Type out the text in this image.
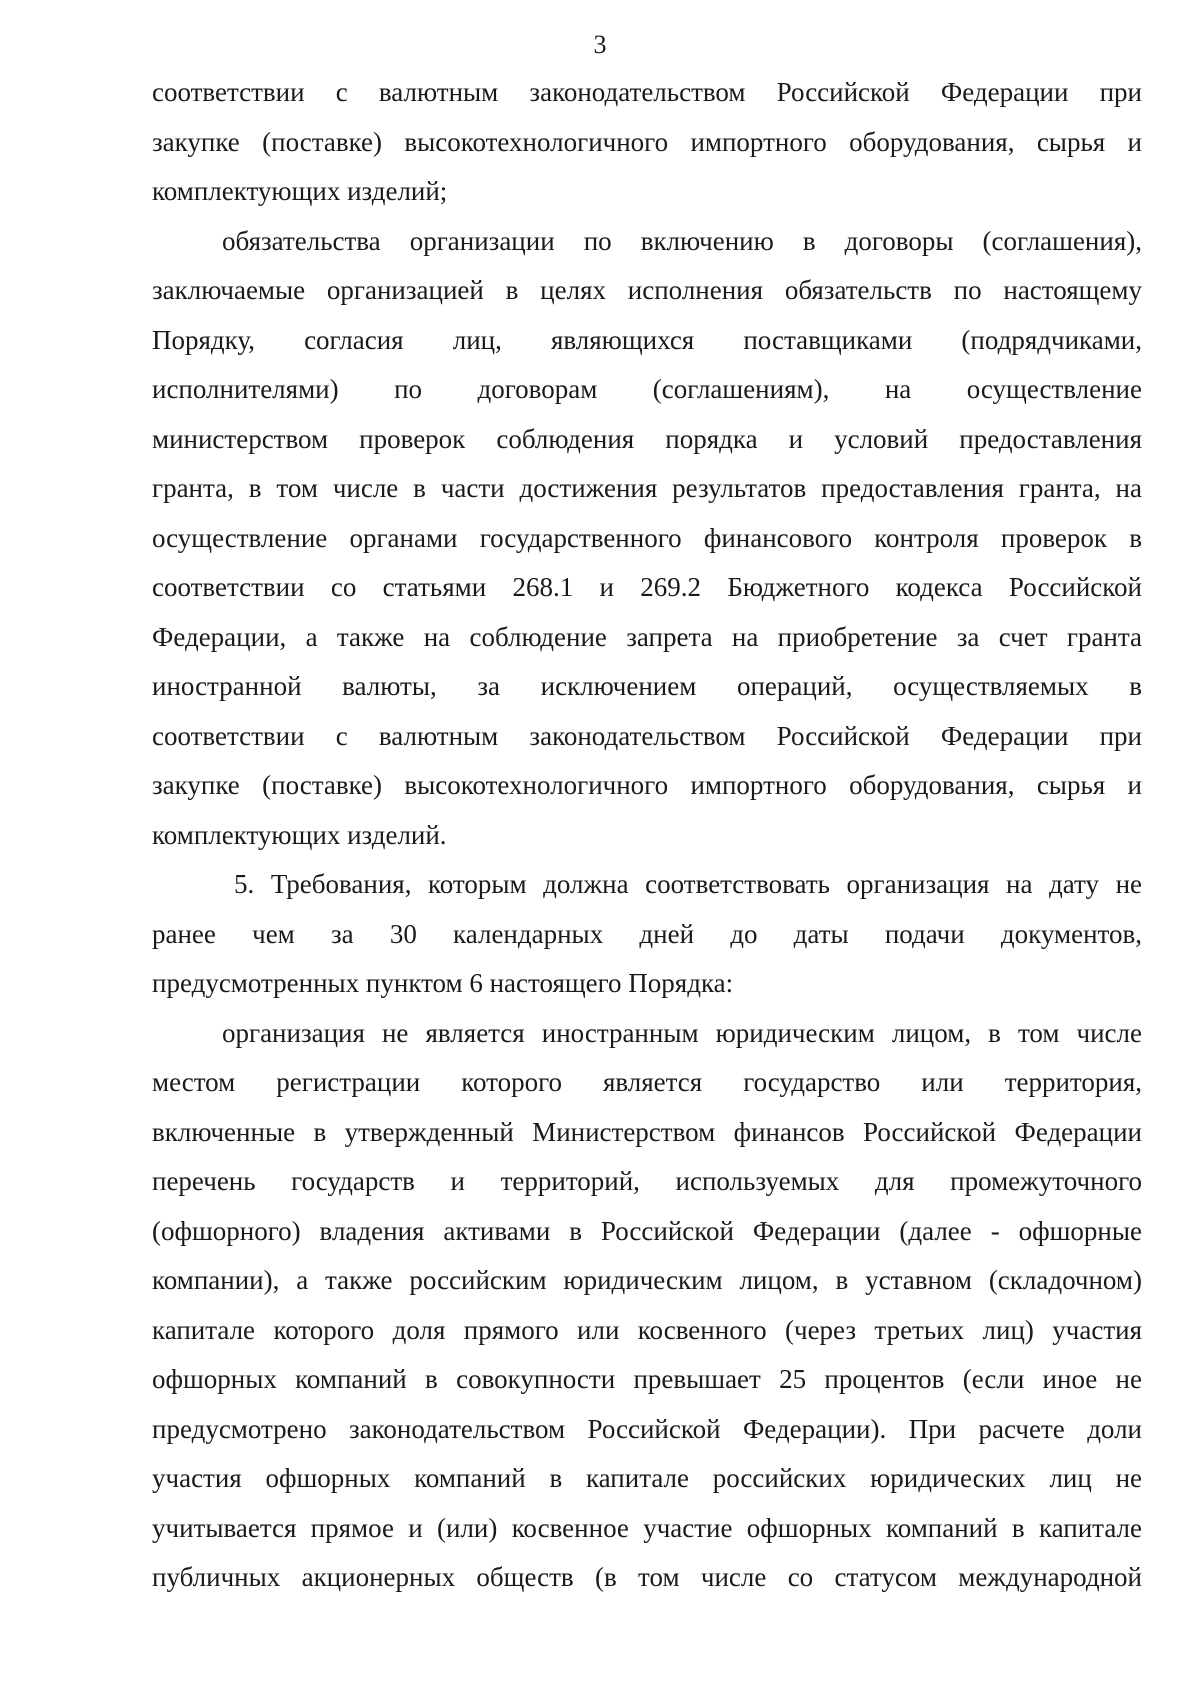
3
соответствии с валютным законодательством Российской Федерации при
закупке (поставке) высокотехнологичного импортного оборудования, сырья и
комплектующих изделий;
обязательства организации по включению в договоры (соглашения),
заключаемые организацией в целях исполнения обязательств по настоящему
Порядку, согласия лиц, являющихся поставщиками (подрядчиками,
исполнителями) по договорам (соглашениям), на осуществление
министерством проверок соблюдения порядка и условий предоставления
гранта, в том числе в части достижения результатов предоставления гранта, на
осуществление органами государственного финансового контроля проверок в
соответствии со статьями 268.1 и 269.2 Бюджетного кодекса Российской
Федерации, а также на соблюдение запрета на приобретение за счет гранта
иностранной валюты, за исключением операций, осуществляемых в
соответствии с валютным законодательством Российской Федерации при
закупке (поставке) высокотехнологичного импортного оборудования, сырья и
комплектующих изделий.
5. Требования, которым должна соответствовать организация на дату не
ранее чем за 30 календарных дней до даты подачи документов,
предусмотренных пунктом 6 настоящего Порядка:
организация не является иностранным юридическим лицом, в том числе
местом регистрации которого является государство или территория,
включенные в утвержденный Министерством финансов Российской Федерации
перечень государств и территорий, используемых для промежуточного
(офшорного) владения активами в Российской Федерации (далее - офшорные
компании), а также российским юридическим лицом, в уставном (складочном)
капитале которого доля прямого или косвенного (через третьих лиц) участия
офшорных компаний в совокупности превышает 25 процентов (если иное не
предусмотрено законодательством Российской Федерации). При расчете доли
участия офшорных компаний в капитале российских юридических лиц не
учитывается прямое и (или) косвенное участие офшорных компаний в капитале
публичных акционерных обществ (в том числе со статусом международной
